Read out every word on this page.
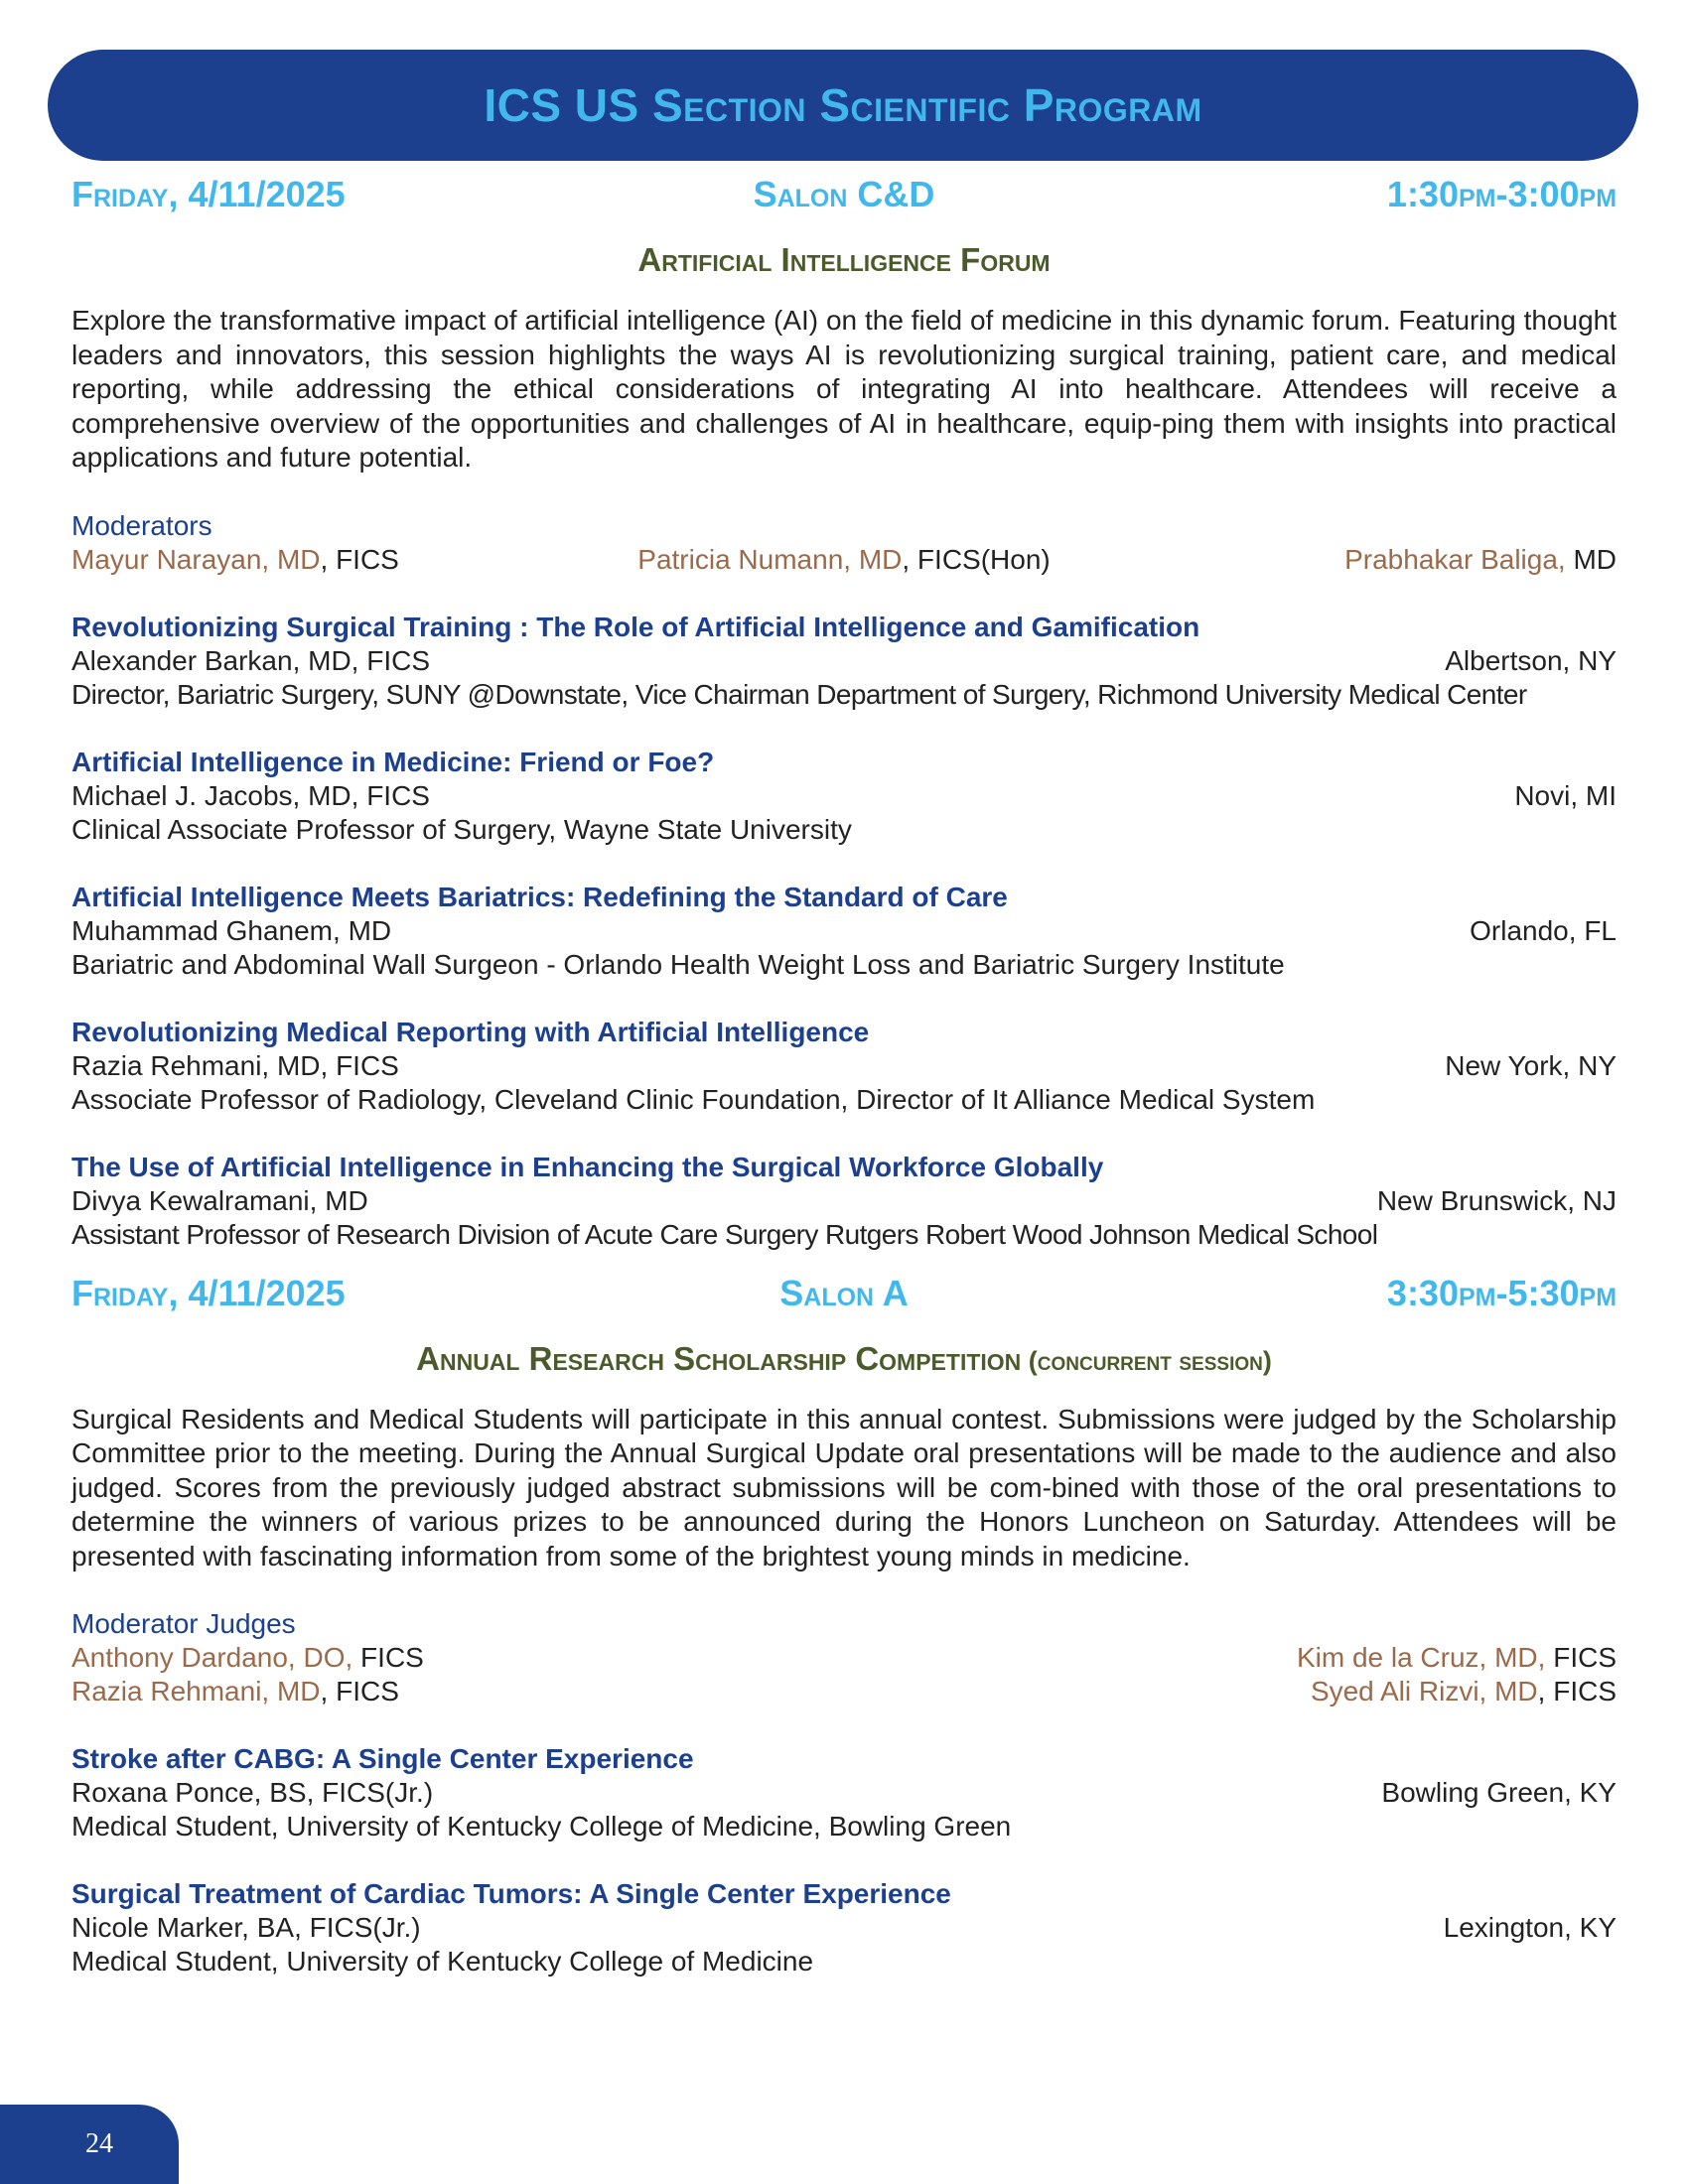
ICS US Section Scientific Program
Friday, 4/11/2025	Salon C&D	1:30pm-3:00pm
Artificial Intelligence Forum
Explore the transformative impact of artificial intelligence (AI) on the field of medicine in this dynamic forum. Featuring thought leaders and innovators, this session highlights the ways AI is revolutionizing surgical training, patient care, and medical reporting, while addressing the ethical considerations of integrating AI into healthcare. Attendees will receive a comprehensive overview of the opportunities and challenges of AI in healthcare, equip-ping them with insights into practical applications and future potential.
Moderators
Mayur Narayan, MD, FICS	Patricia Numann, MD, FICS(Hon)	Prabhakar Baliga, MD
Revolutionizing Surgical Training : The Role of Artificial Intelligence and Gamification
Alexander Barkan, MD, FICS	Albertson, NY
Director, Bariatric Surgery, SUNY @Downstate, Vice Chairman Department of Surgery, Richmond University Medical Center
Artificial Intelligence in Medicine: Friend or Foe?
Michael J. Jacobs, MD, FICS	Novi, MI
Clinical Associate Professor of Surgery, Wayne State University
Artificial Intelligence Meets Bariatrics: Redefining the Standard of Care
Muhammad Ghanem, MD	Orlando, FL
Bariatric and Abdominal Wall Surgeon - Orlando Health Weight Loss and Bariatric Surgery Institute
Revolutionizing Medical Reporting with Artificial Intelligence
Razia Rehmani, MD, FICS	New York, NY
Associate Professor of Radiology, Cleveland Clinic Foundation, Director of It Alliance Medical System
The Use of Artificial Intelligence in Enhancing the Surgical Workforce Globally
Divya Kewalramani, MD	New Brunswick, NJ
Assistant Professor of Research Division of Acute Care Surgery Rutgers Robert Wood Johnson Medical School
Friday, 4/11/2025	Salon A	3:30pm-5:30pm
Annual Research Scholarship Competition (concurrent session)
Surgical Residents and Medical Students will participate in this annual contest. Submissions were judged by the Scholarship Committee prior to the meeting. During the Annual Surgical Update oral presentations will be made to the audience and also judged. Scores from the previously judged abstract submissions will be com-bined with those of the oral presentations to determine the winners of various prizes to be announced during the Honors Luncheon on Saturday. Attendees will be presented with fascinating information from some of the brightest young minds in medicine.
Moderator Judges
Anthony Dardano, DO, FICS	Kim de la Cruz, MD, FICS
Razia Rehmani, MD, FICS	Syed Ali Rizvi, MD, FICS
Stroke after CABG: A Single Center Experience
Roxana Ponce, BS, FICS(Jr.)	Bowling Green, KY
Medical Student, University of Kentucky College of Medicine, Bowling Green
Surgical Treatment of Cardiac Tumors: A Single Center Experience
Nicole Marker, BA, FICS(Jr.)	Lexington, KY
Medical Student, University of Kentucky College of Medicine
24
